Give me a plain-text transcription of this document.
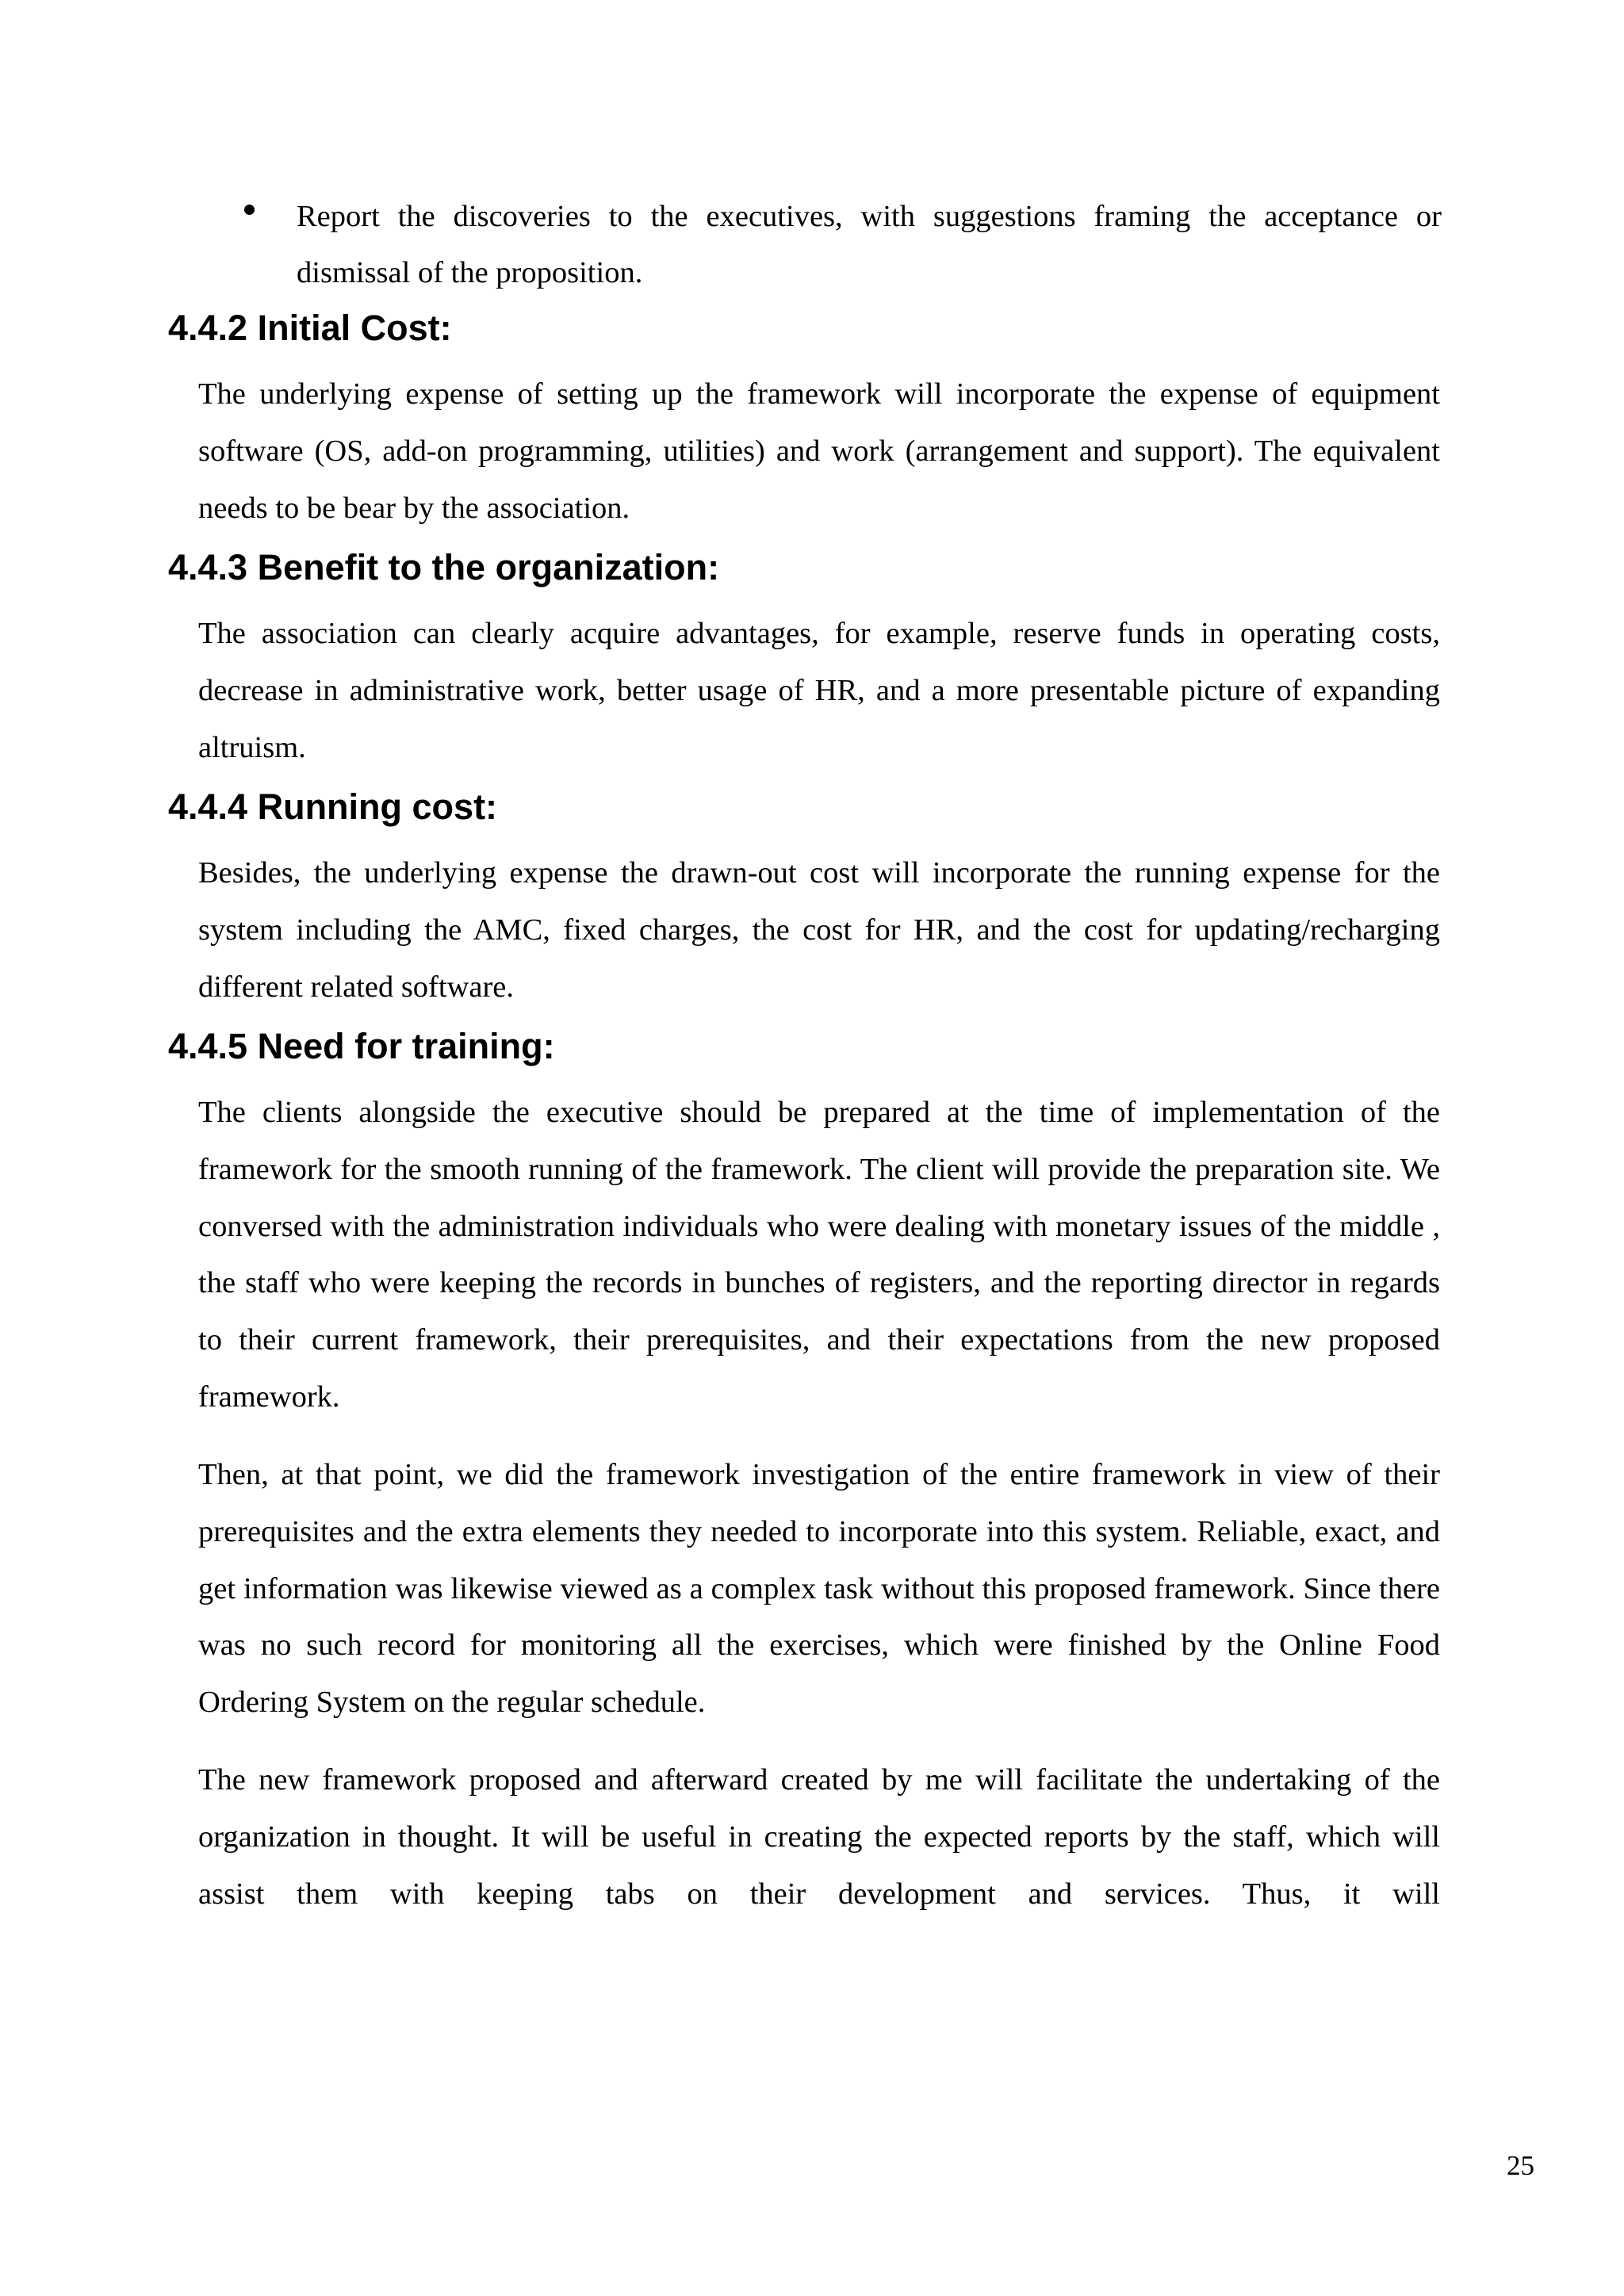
Report the discoveries to the executives, with suggestions framing the acceptance or dismissal of the proposition.
4.4.2 Initial Cost:
The underlying expense of setting up the framework will incorporate the expense of equipment software (OS, add-on programming, utilities) and work (arrangement and support). The equivalent needs to be bear by the association.
4.4.3 Benefit to the organization:
The association can clearly acquire advantages, for example, reserve funds in operating costs, decrease in administrative work, better usage of HR, and a more presentable picture of expanding altruism.
4.4.4 Running cost:
Besides, the underlying expense the drawn-out cost will incorporate the running expense for the system including the AMC, fixed charges, the cost for HR, and the cost for updating/recharging different related software.
4.4.5 Need for training:
The clients alongside the executive should be prepared at the time of implementation of the framework for the smooth running of the framework. The client will provide the preparation site. We conversed with the administration individuals who were dealing with monetary issues of the middle , the staff who were keeping the records in bunches of registers, and the reporting director in regards to their current framework, their prerequisites, and their expectations from the new proposed framework.
Then, at that point, we did the framework investigation of the entire framework in view of their prerequisites and the extra elements they needed to incorporate into this system. Reliable, exact, and get information was likewise viewed as a complex task without this proposed framework. Since there was no such record for monitoring all the exercises, which were finished by the Online Food Ordering System on the regular schedule.
The new framework proposed and afterward created by me will facilitate the undertaking of the organization in thought. It will be useful in creating the expected reports by the staff, which will assist them with keeping tabs on their development and services. Thus, it will
25
